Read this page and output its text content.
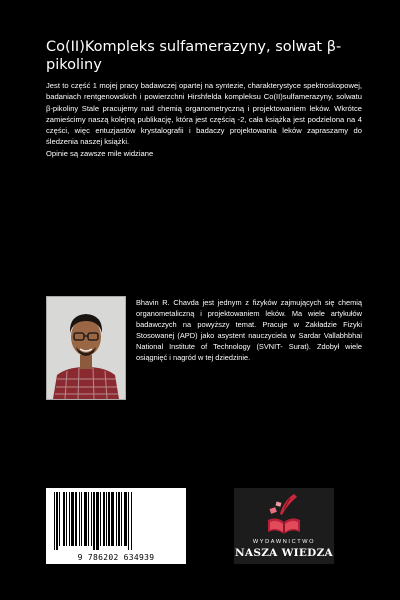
Co(II)Kompleks sulfamerazyny, solwat β-pikoliny

Jest to część 1 mojej pracy badawczej opartej na syntezie, charakterystyce spektroskopowej, badaniach rentgenowskich i powierzchni Hirshfelda kompleksu Co(II)sulfamerazyny, solwatu β-pikoliny Stale pracujemy nad chemią organometryczną i projektowaniem leków. Wkrótce zamieścimy naszą kolejną publikację, która jest częścią -2, cała książka jest podzielona na 4 części, więc entuzjastów krystalografii i badaczy projektowania leków zapraszamy do śledzenia naszej książki.

Opinie są zawsze mile widziane

Bhavin R. Chavda jest jednym z fizyków zajmujących się chemią organometaliczną i projektowaniem leków. Ma wiele artykułów badawczych na powyższy temat. Pracuje w Zakładzie Fizyki Stosowanej (APD) jako asystent nauczyciela w Sardar Vallabhbhai National Institute of Technology (SVNIT- Surat). Zdobył wiele osiągnięć i nagród w tej dziedzinie.

9 786202 634939
WYDAWNICTWO
NASZA WIEDZA
